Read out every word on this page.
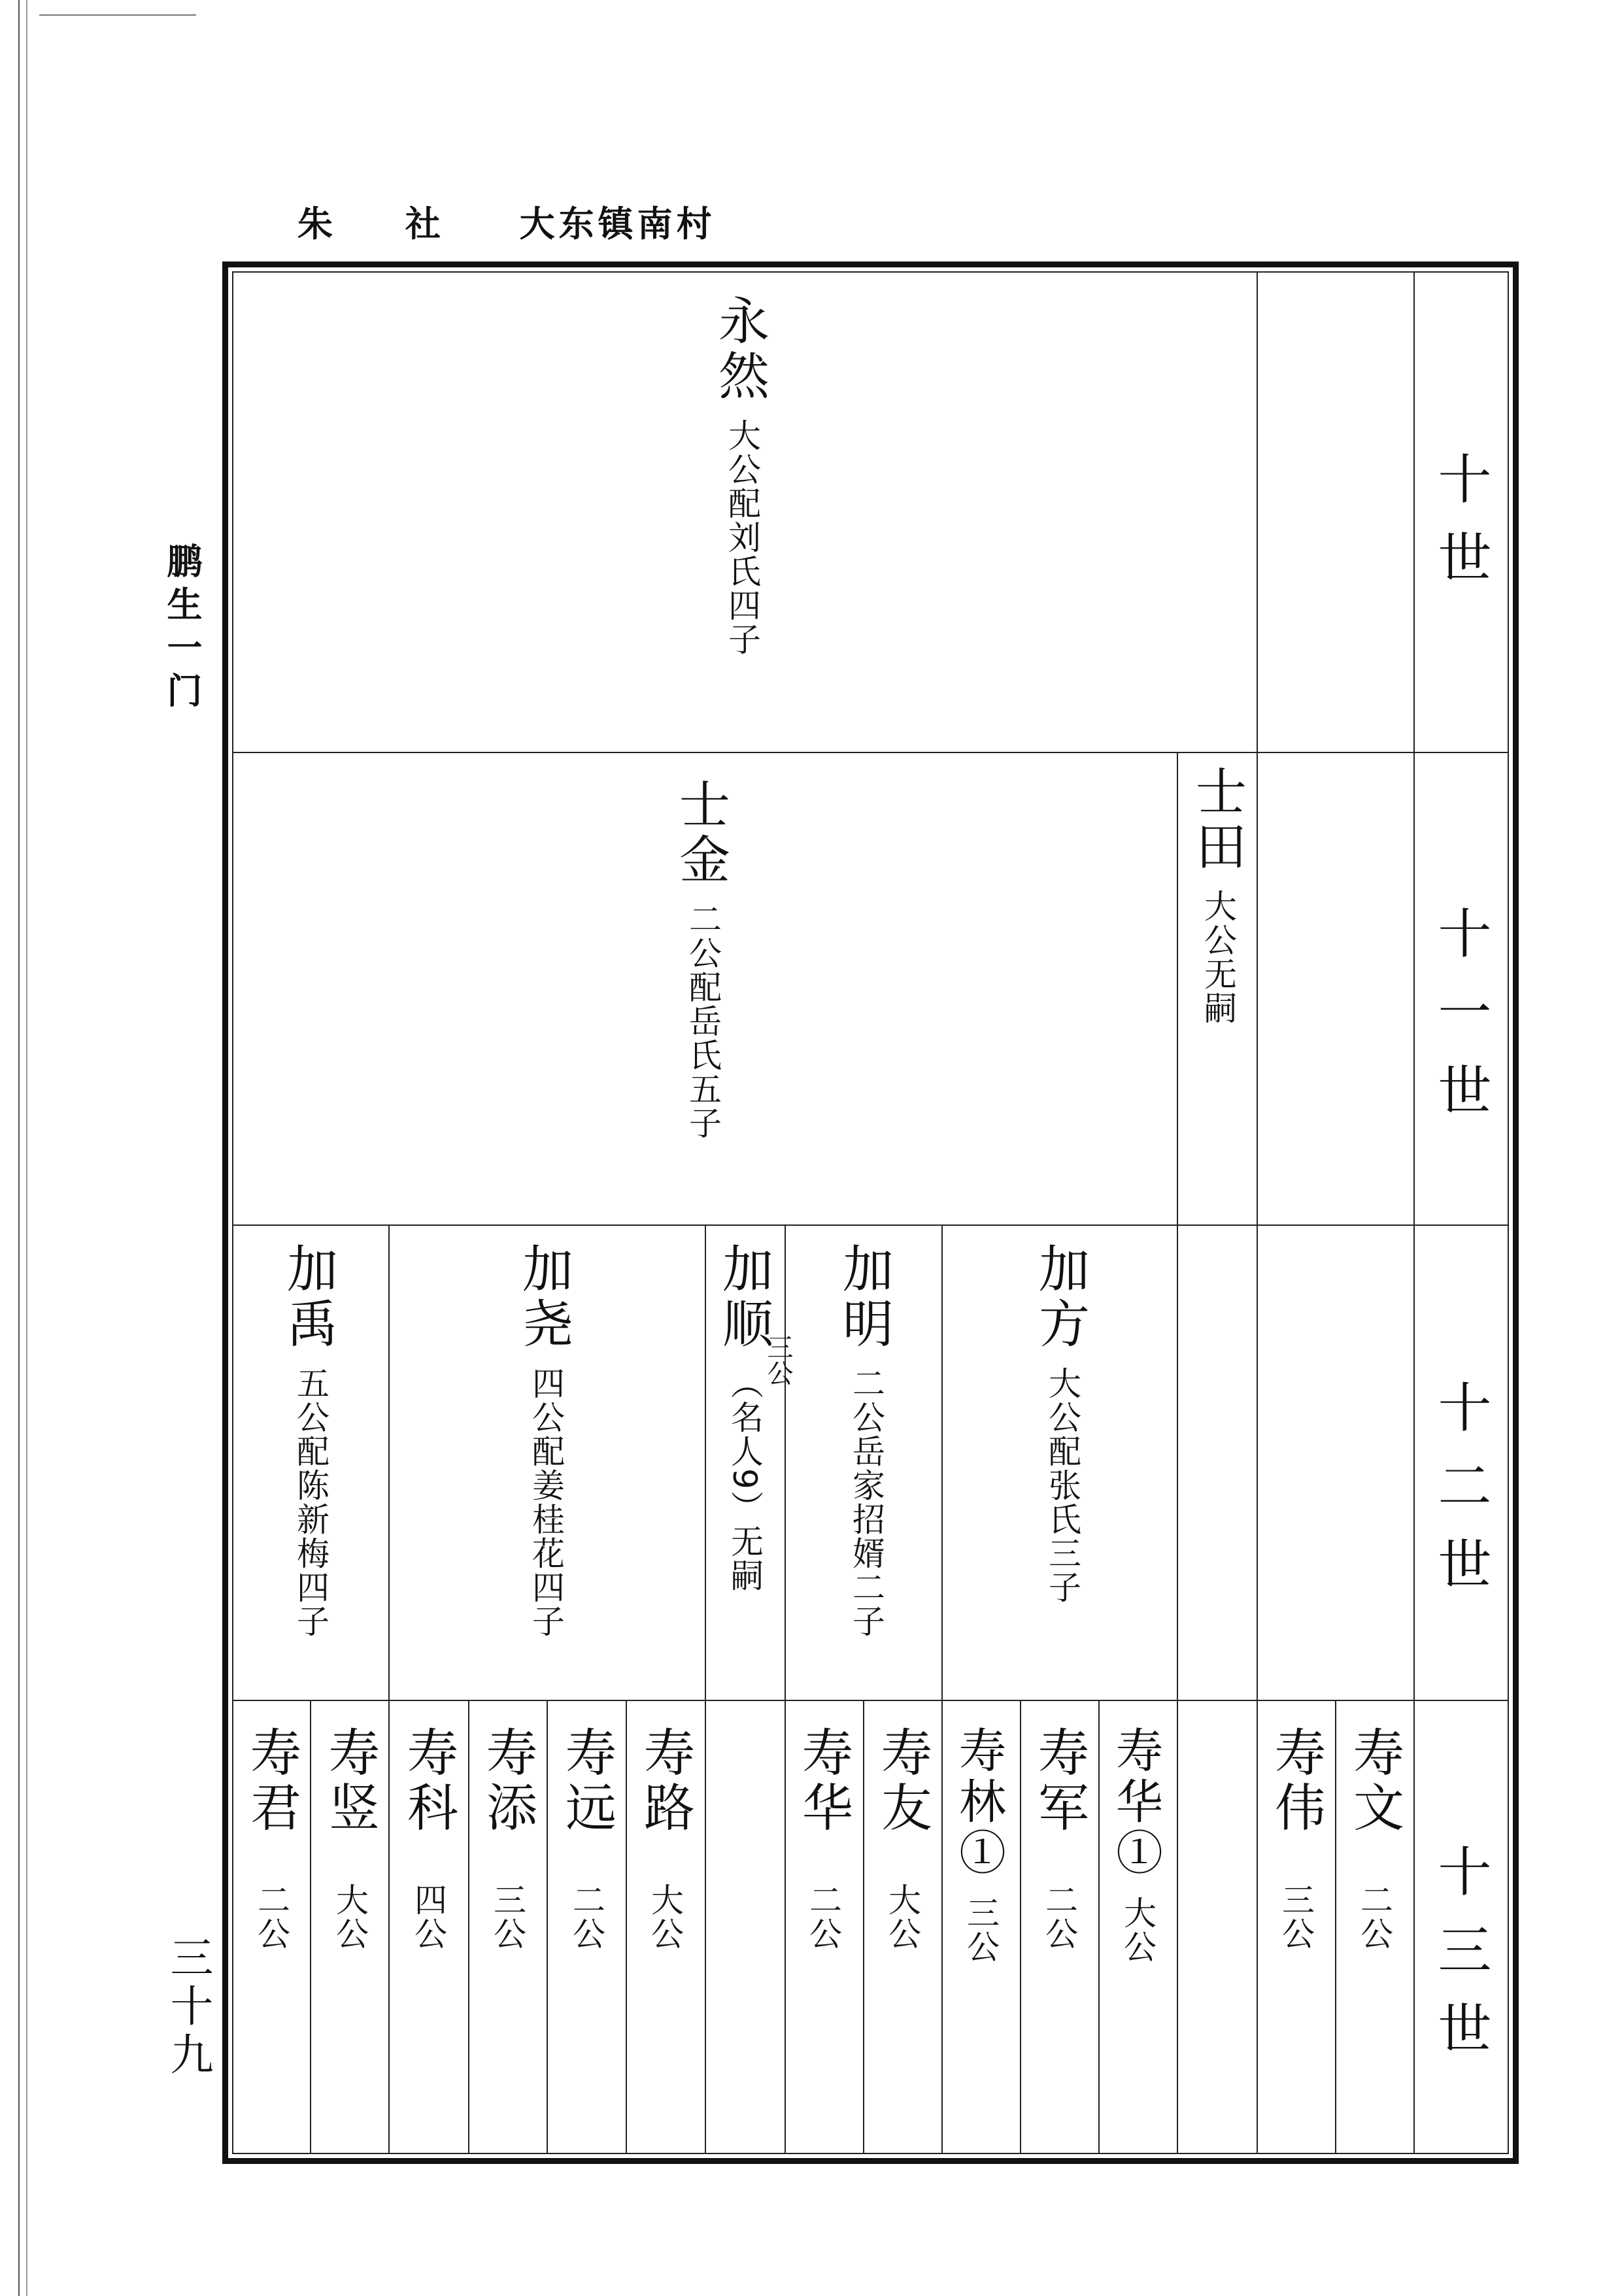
朱 社 大东镇南村
鹏生一门
三十九
十世
十一世
十二世
十三世
永然
大公配刘氏四子
士金
二公配岳氏五子
士田
大公无嗣
加禹
五公配陈新梅四子
加尧
四公配姜桂花四子
加顺
三公
（名人9）无嗣
加明
二公岳家招婿二子
加方
大公配张氏三子
寿君
二公
寿竖
大公
寿科
四公
寿添
三公
寿远
二公
寿路
大公
寿华
二公
寿友
大公
寿林①
三公
寿军
二公
寿华①
大公
寿伟
三公
寿文
二公
